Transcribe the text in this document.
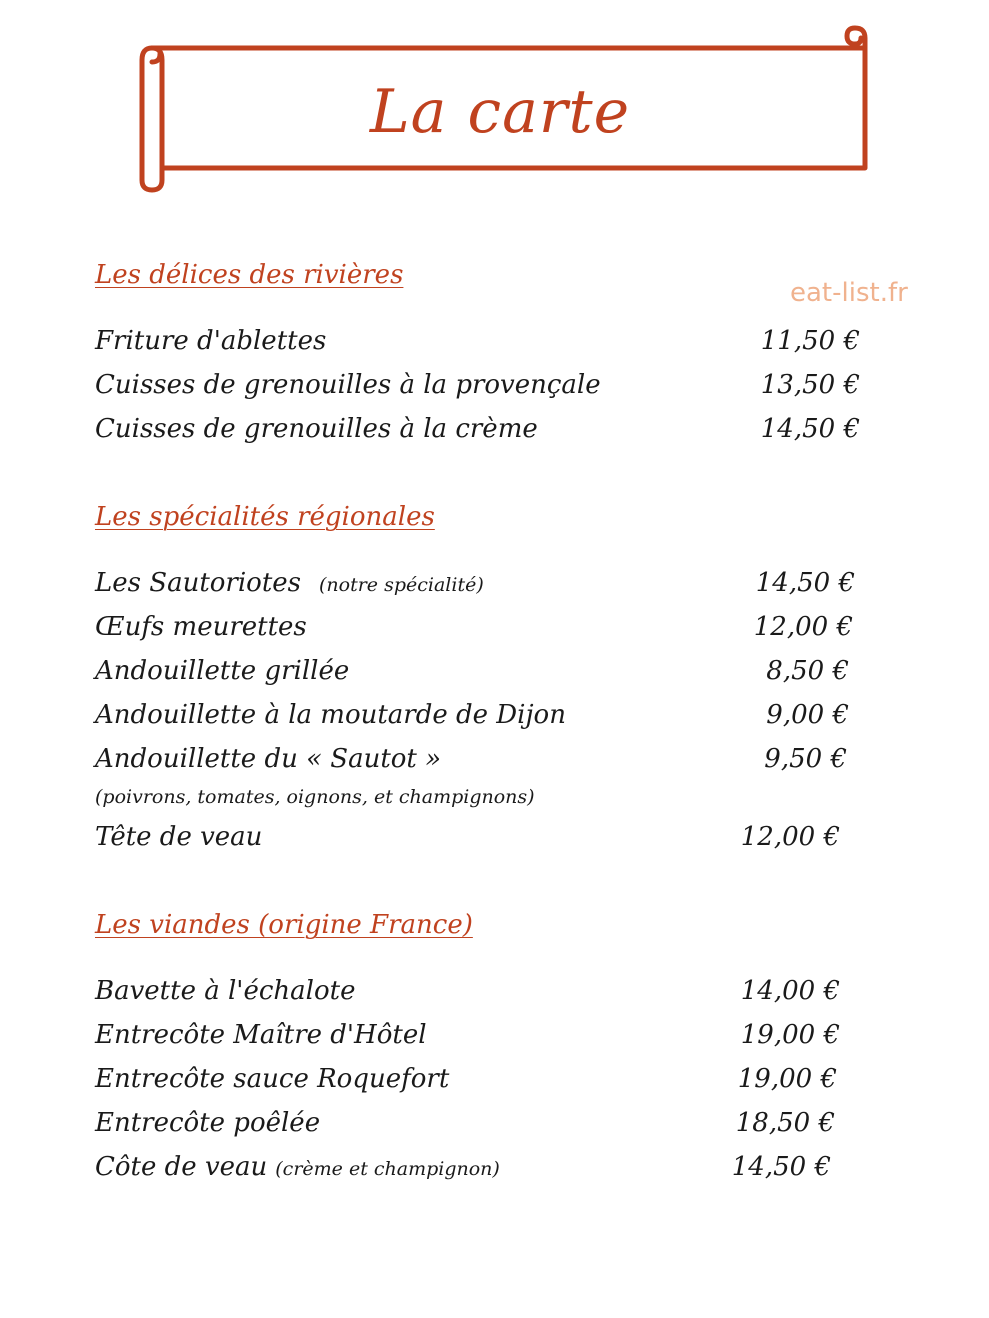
La carte
eat-list.fr
Les délices des rivières
Friture d'ablettes	11,50 €
Cuisses de grenouilles à la provençale	13,50 €
Cuisses de grenouilles à la crème	14,50 €
Les spécialités régionales
Les Sautoriotes (notre spécialité)	14,50 €
Œufs meurettes	12,00 €
Andouillette grillée	8,50 €
Andouillette à la moutarde de Dijon	9,00 €
Andouillette du « Sautot »	9,50 €
(poivrons, tomates, oignons, et champignons)
Tête de veau	12,00 €
Les viandes (origine France)
Bavette à l'échalote	14,00 €
Entrecôte Maître d'Hôtel	19,00 €
Entrecôte sauce Roquefort	19,00 €
Entrecôte poêlée	18,50 €
Côte de veau (crème et champignon)	14,50 €
